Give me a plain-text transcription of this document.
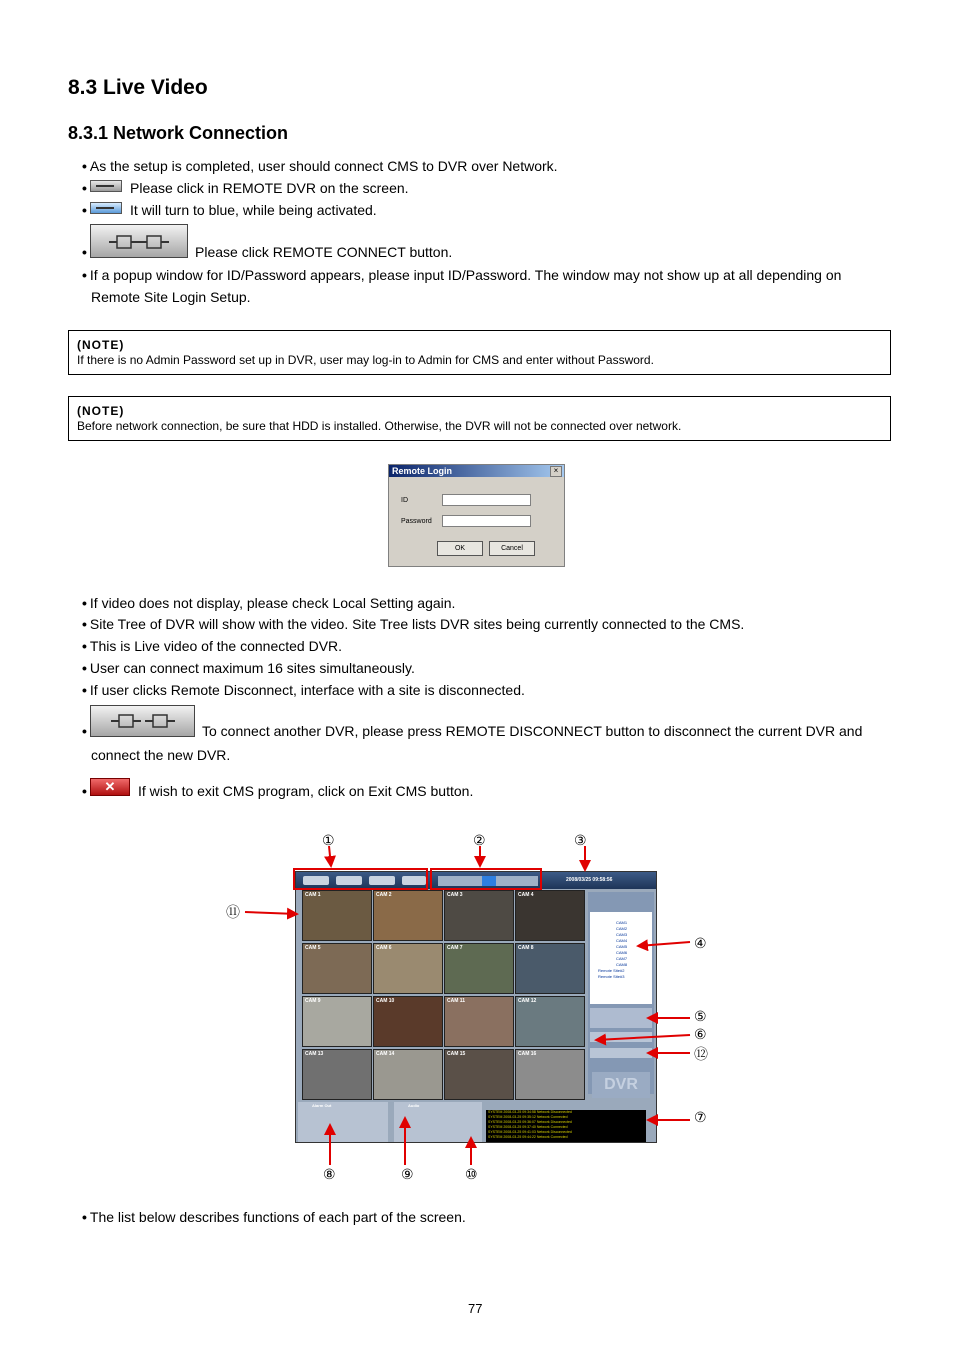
8.3 Live Video
8.3.1 Network Connection
• As the setup is completed, user should connect CMS to DVR over Network.
•	Please click in REMOTE DVR on the screen.
•	It will turn to blue, while being activated.
•	Please click REMOTE CONNECT button.
• If a popup window for ID/Password appears, please input ID/Password. The window may not show up at all depending on
Remote Site Login Setup.
(NOTE)
If there is no Admin Password set up in DVR, user may log-in to Admin for CMS and enter without Password.
(NOTE)
Before network connection, be sure that HDD is installed. Otherwise, the DVR will not be connected over network.
Remote Login	×
ID
Password
OK	Cancel
• If video does not display, please check Local Setting again.
• Site Tree of DVR will show with the video. Site Tree lists DVR sites being currently connected to the CMS.
• This is Live video of the connected DVR.
• User can connect maximum 16 sites simultaneously.
• If user clicks Remote Disconnect, interface with a site is disconnected.
•	To connect another DVR, please press REMOTE DISCONNECT button to disconnect the current DVR and
connect the new DVR.
•	✕	If wish to exit CMS program, click on Exit CMS button.
①	②	③
④
⑤
⑥
⑦
⑧	⑨	⑩
⑪
⑫
2008/03/25 09:58:56
CAM 1	CAM 2	CAM 3	CAM 4
CAM 5	CAM 6	CAM 7	CAM 8
CAM 9	CAM 10	CAM 11	CAM 12
CAM 13	CAM 14	CAM 15	CAM 16
CAM1
CAM2
CAM3
CAM4
CAM5
CAM6
CAM7
CAM8
Remote Site#2
Remote Site#3
DVR
Alarm Out	Audio
SYSTEM 2008-03-25 09:34:58 Network Disconnected
SYSTEM 2008-03-25 09:35:12 Network Connected
SYSTEM 2008-03-25 09:36:07 Network Disconnected
SYSTEM 2008-03-25 09:37:40 Network Connected
SYSTEM 2008-03-25 09:41:03 Network Disconnected
SYSTEM 2008-03-25 09:44:22 Network Connected
• The list below describes functions of each part of the screen.
77
